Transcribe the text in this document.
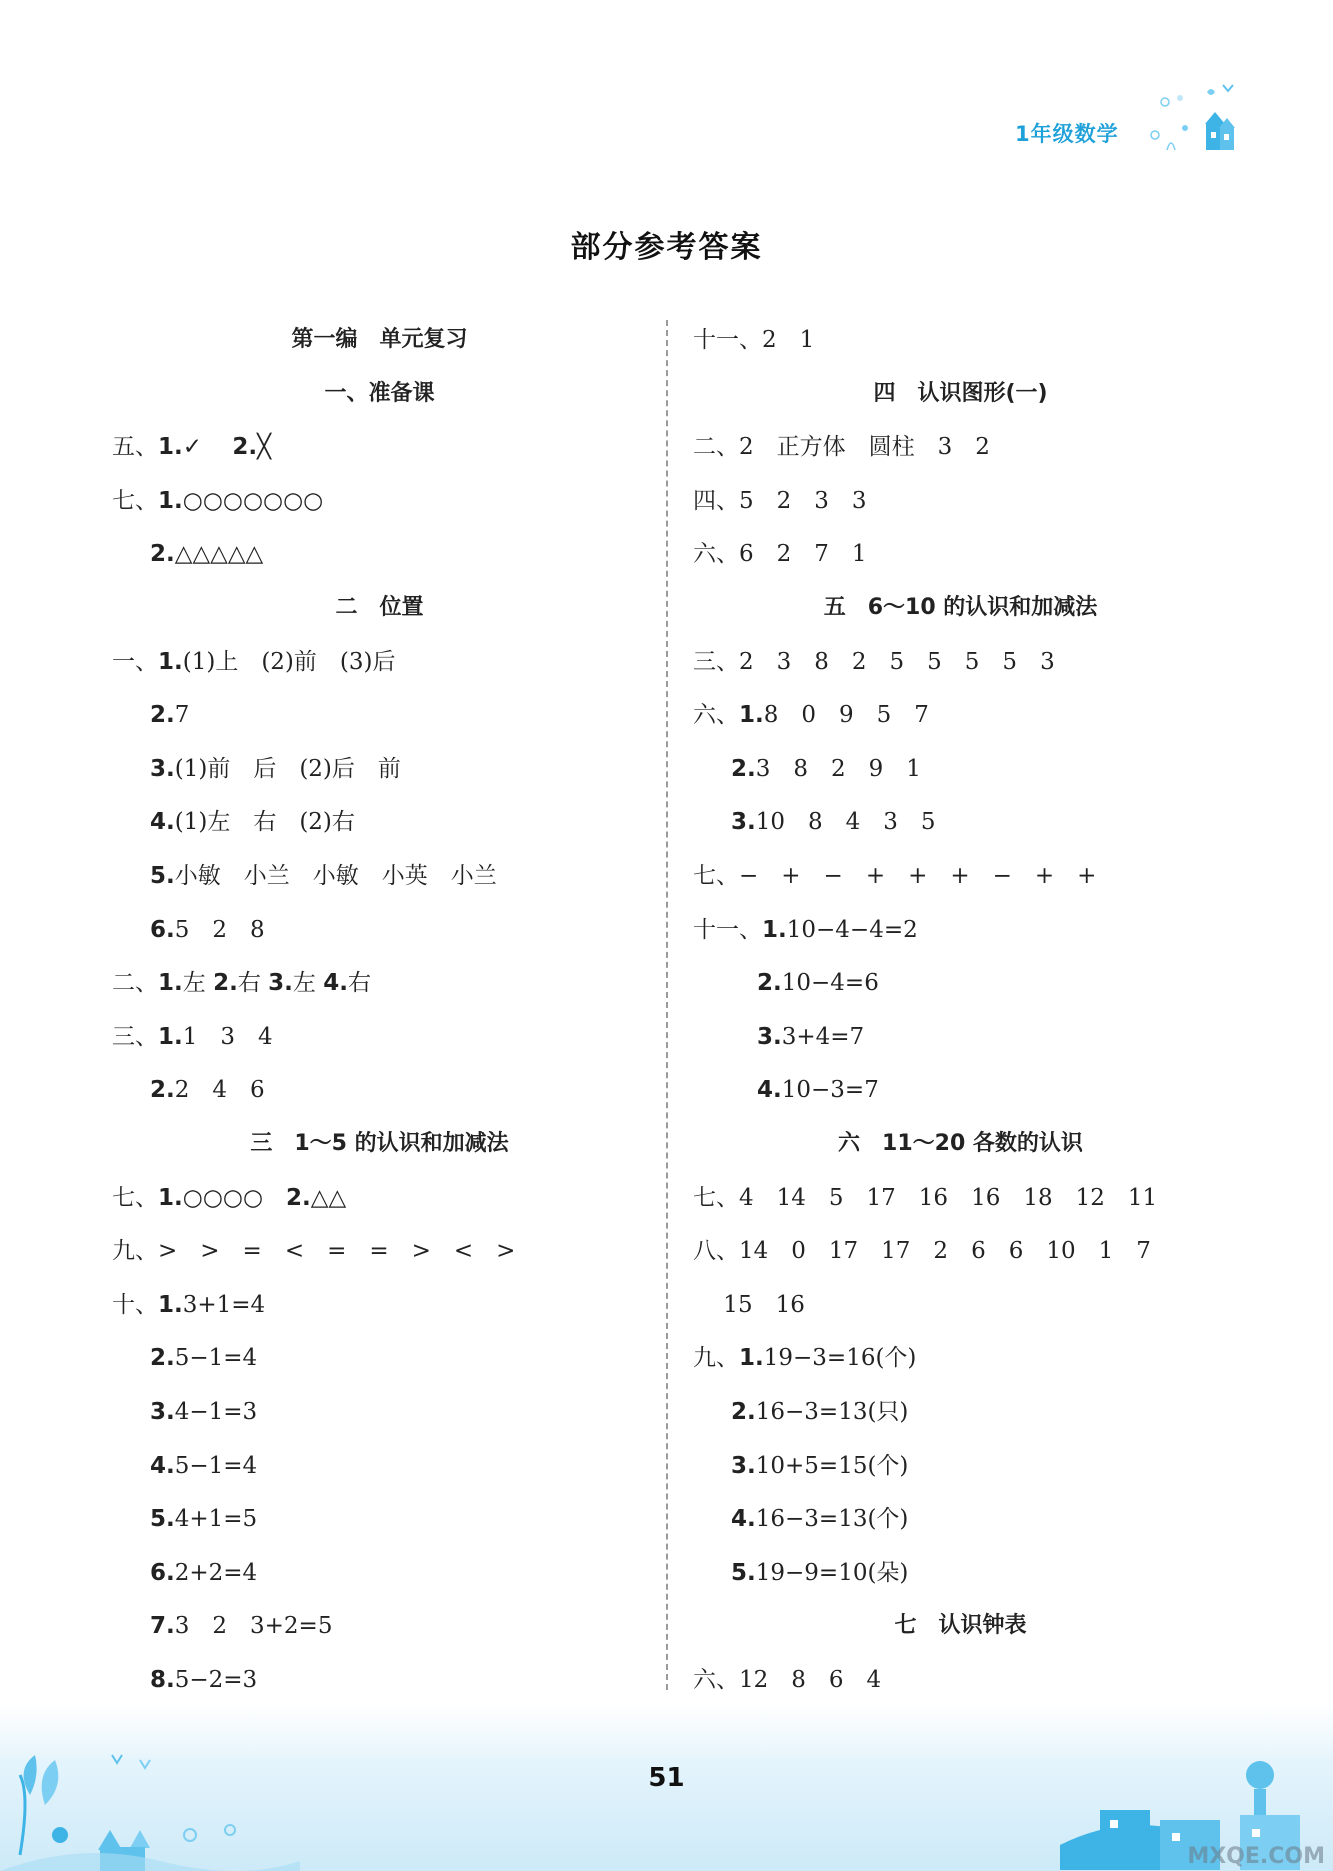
1年级数学
部分参考答案
第一编　单元复习
一、准备课
五、1.✓　 2.╳
七、1.○○○○○○○
2.△△△△△
二　位置
一、1.(1)上　(2)前　(3)后
2.7
3.(1)前　后　(2)后　前
4.(1)左　右　(2)右
5.小敏　小兰　小敏　小英　小兰
6.5　2　8
二、1.左 2.右 3.左 4.右
三、1.1　3　4
2.2　4　6
三　1～5 的认识和加减法
七、1.○○○○　2.△△
九、>　>　=　<　=　=　>　<　>
十、1.3+1=4
2.5−1=4
3.4−1=3
4.5−1=4
5.4+1=5
6.2+2=4
7.3　2　3+2=5
8.5−2=3
十一、2　1
四　认识图形(一)
二、2　正方体　圆柱　3　2
四、5　2　3　3
六、6　2　7　1
五　6～10 的认识和加减法
三、2　3　8　2　5　5　5　5　3
六、1.8　0　9　5　7
2.3　8　2　9　1
3.10　8　4　3　5
七、−　+　−　+　+　+　−　+　+
十一、1.10−4−4=2
2.10−4=6
3.3+4=7
4.10−3=7
六　11～20 各数的认识
七、4　14　5　17　16　16　18　12　11
八、14　0　17　17　2　6　6　10　1　7
　 15　16
九、1.19−3=16(个)
2.16−3=13(只)
3.10+5=15(个)
4.16−3=13(个)
5.19−9=10(朵)
七　认识钟表
六、12　8　6　4
MXQE.COM
51
